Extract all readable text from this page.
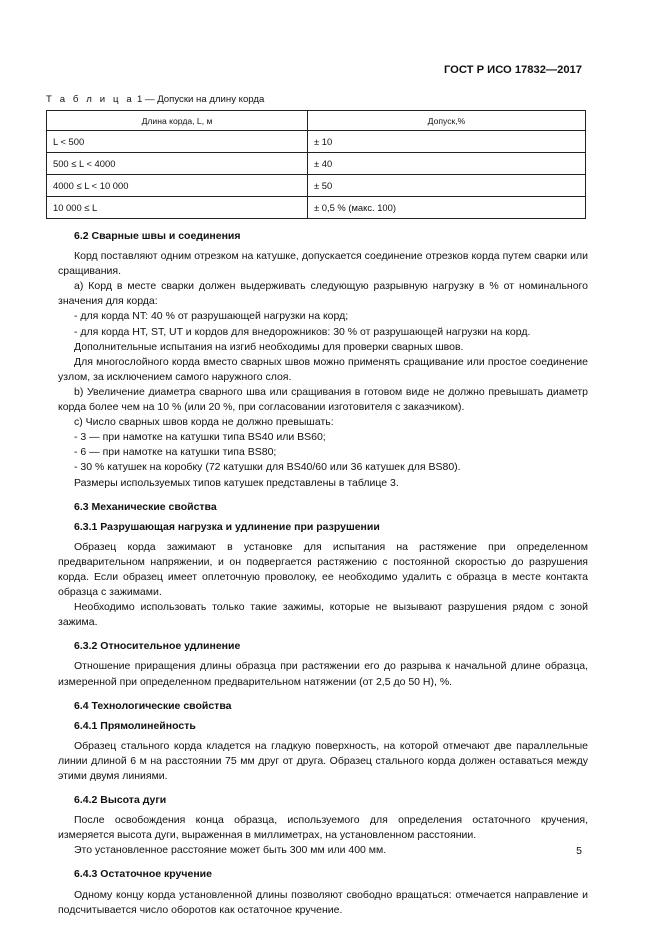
ГОСТ Р ИСО 17832—2017
Т а б л и ц а 1 — Допуски на длину корда
Длина корда, L, м	Допуск,%
L < 500	± 10
500 ≤ L < 4000	± 40
4000 ≤ L < 10 000	± 50
10 000 ≤ L	± 0,5 % (макс. 100)

6.2 Сварные швы и соединения

Корд поставляют одним отрезком на катушке, допускается соединение отрезков корда путем сварки или сращивания.

а) Корд в месте сварки должен выдерживать следующую разрывную нагрузку в % от номинального значения для корда:

- для корда NT: 40 % от разрушающей нагрузки на корд;

- для корда HT, ST, UT и кордов для внедорожников: 30 % от разрушающей нагрузки на корд.

Дополнительные испытания на изгиб необходимы для проверки сварных швов.

Для многослойного корда вместо сварных швов можно применять сращивание или простое соединение узлом, за исключением самого наружного слоя.

b) Увеличение диаметра сварного шва или сращивания в готовом виде не должно превышать диаметр корда более чем на 10 % (или 20 %, при согласовании изготовителя с заказчиком).

с) Число сварных швов корда не должно превышать:

- 3 — при намотке на катушки типа BS40 или BS60;

- 6 — при намотке на катушки типа BS80;

- 30 % катушек на коробку (72 катушки для BS40/60 или 36 катушек для BS80).

Размеры используемых типов катушек представлены в таблице 3.

6.3 Механические свойства

6.3.1 Разрушающая нагрузка и удлинение при разрушении

Образец корда зажимают в установке для испытания на растяжение при определенном предварительном напряжении, и он подвергается растяжению с постоянной скоростью до разрушения корда. Если образец имеет оплеточную проволоку, ее необходимо удалить с образца в месте контакта образца с зажимами.

Необходимо использовать только такие зажимы, которые не вызывают разрушения рядом с зоной зажима.

6.3.2 Относительное удлинение

Отношение приращения длины образца при растяжении его до разрыва к начальной длине образца, измеренной при определенном предварительном натяжении (от 2,5 до 50 Н), %.

6.4 Технологические свойства

6.4.1 Прямолинейность

Образец стального корда кладется на гладкую поверхность, на которой отмечают две параллельные линии длиной 6 м на расстоянии 75 мм друг от друга. Образец стального корда должен оставаться между этими двумя линиями.

6.4.2 Высота дуги

После освобождения конца образца, используемого для определения остаточного кручения, измеряется высота дуги, выраженная в миллиметрах, на установленном расстоянии.

Это установленное расстояние может быть 300 мм или 400 мм.

6.4.3 Остаточное кручение

Одному концу корда установленной длины позволяют свободно вращаться: отмечается направление и подсчитывается число оборотов как остаточное кручение.

5
